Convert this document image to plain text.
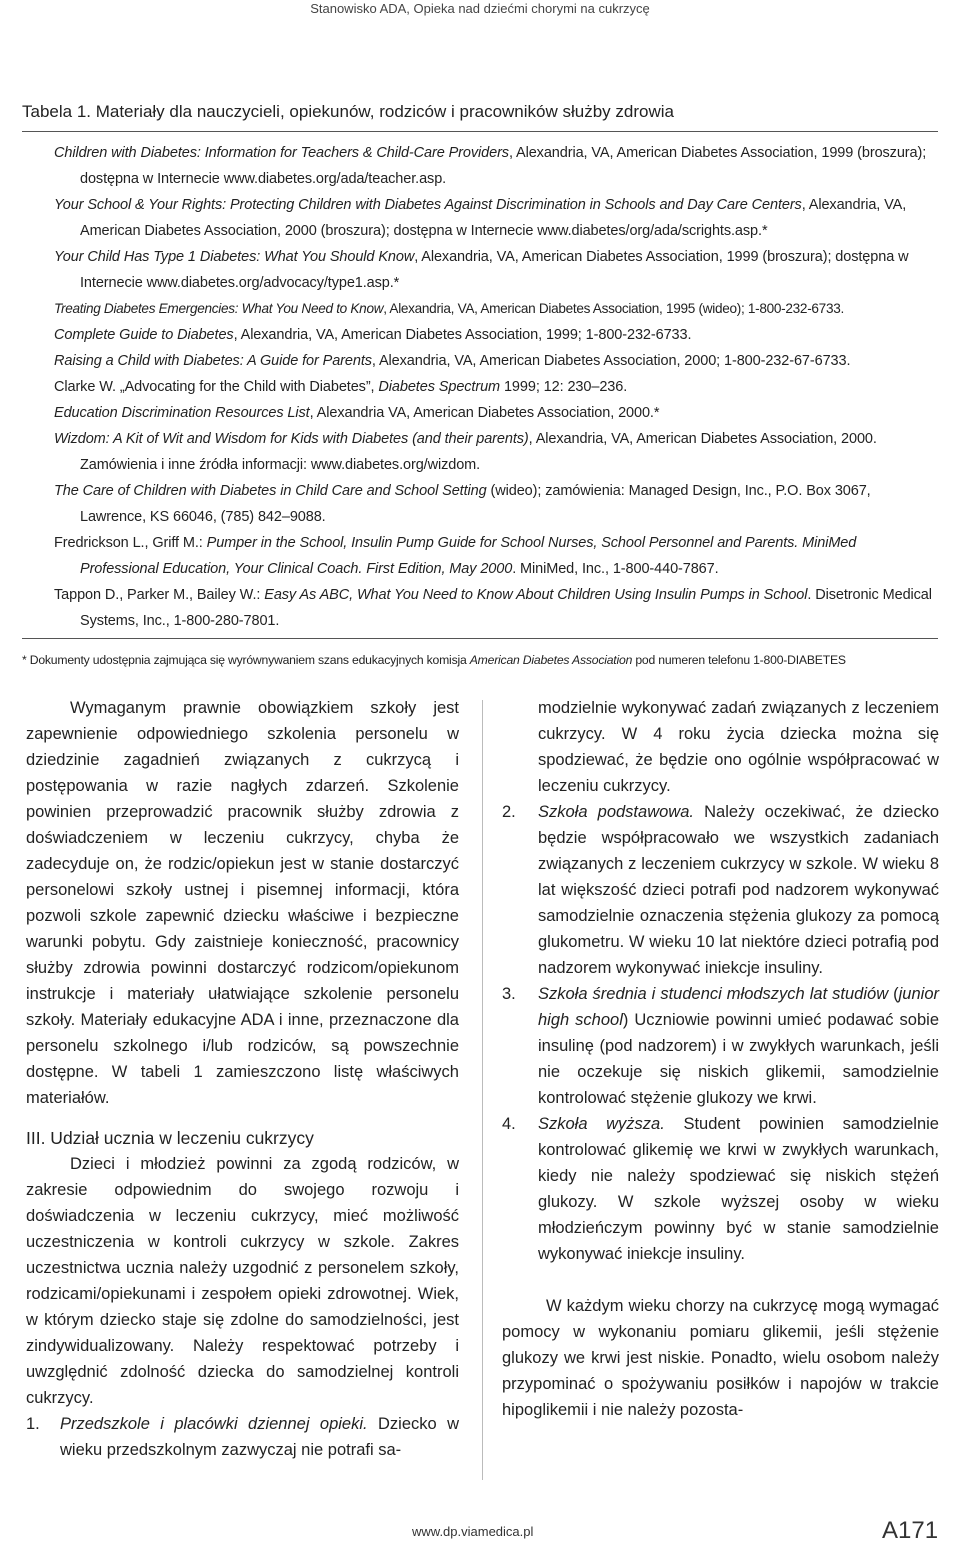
Stanowisko ADA, Opieka nad dziećmi chorymi na cukrzycę
Tabela 1. Materiały dla nauczycieli, opiekunów, rodziców i pracowników służby zdrowia

Children with Diabetes: Information for Teachers & Child-Care Providers, Alexandria, VA, American Diabetes Association, 1999 (broszura); dostępna w Internecie www.diabetes.org/ada/teacher.asp.

Your School & Your Rights: Protecting Children with Diabetes Against Discrimination in Schools and Day Care Centers, Alexandria, VA, American Diabetes Association, 2000 (broszura); dostępna w Internecie www.diabetes/org/ada/scrights.asp.*

Your Child Has Type 1 Diabetes: What You Should Know, Alexandria, VA, American Diabetes Association, 1999 (broszura); dostępna w Internecie www.diabetes.org/advocacy/type1.asp.*

Treating Diabetes Emergencies: What You Need to Know, Alexandria, VA, American Diabetes Association, 1995 (wideo); 1-800-232-6733.

Complete Guide to Diabetes, Alexandria, VA, American Diabetes Association, 1999; 1-800-232-6733.

Raising a Child with Diabetes: A Guide for Parents, Alexandria, VA, American Diabetes Association, 2000; 1-800-232-67-6733.

Clarke W. „Advocating for the Child with Diabetes”, Diabetes Spectrum 1999; 12: 230–236.

Education Discrimination Resources List, Alexandria VA, American Diabetes Association, 2000.*

Wizdom: A Kit of Wit and Wisdom for Kids with Diabetes (and their parents), Alexandria, VA, American Diabetes Association, 2000. Zamówienia i inne źródła informacji: www.diabetes.org/wizdom.

The Care of Children with Diabetes in Child Care and School Setting (wideo); zamówienia: Managed Design, Inc., P.O. Box 3067, Lawrence, KS 66046, (785) 842–9088.

Fredrickson L., Griff M.: Pumper in the School, Insulin Pump Guide for School Nurses, School Personnel and Parents. MiniMed Professional Education, Your Clinical Coach. First Edition, May 2000. MiniMed, Inc., 1-800-440-7867.

Tappon D., Parker M., Bailey W.: Easy As ABC, What You Need to Know About Children Using Insulin Pumps in School. Disetronic Medical Systems, Inc., 1-800-280-7801.

* Dokumenty udostępnia zajmująca się wyrównywaniem szans edukacyjnych komisja American Diabetes Association pod numeren telefonu 1-800-DIABETES

Wymaganym prawnie obowiązkiem szkoły jest zapewnienie odpowiedniego szkolenia personelu w dziedzinie zagadnień związanych z cukrzycą i postępowania w razie nagłych zdarzeń. Szkolenie powinien przeprowadzić pracownik służby zdrowia z doświadczeniem w leczeniu cukrzycy, chyba że zadecyduje on, że rodzic/opiekun jest w stanie dostarczyć personelowi szkoły ustnej i pisemnej informacji, która pozwoli szkole zapewnić dziecku właściwe i bezpieczne warunki pobytu. Gdy zaistnieje konieczność, pracownicy służby zdrowia powinni dostarczyć rodzicom/opiekunom instrukcje i materiały ułatwiające szkolenie personelu szkoły. Materiały edukacyjne ADA i inne, przeznaczone dla personelu szkolnego i/lub rodziców, są powszechnie dostępne. W tabeli 1 zamieszczono listę właściwych materiałów.

III. Udział ucznia w leczeniu cukrzycy

Dzieci i młodzież powinni za zgodą rodziców, w zakresie odpowiednim do swojego rozwoju i doświadczenia w leczeniu cukrzycy, mieć możliwość uczestniczenia w kontroli cukrzycy w szkole. Zakres uczestnictwa ucznia należy uzgodnić z personelem szkoły, rodzicami/opiekunami i zespołem opieki zdrowotnej. Wiek, w którym dziecko staje się zdolne do samodzielności, jest zindywidualizowany. Należy respektować potrzeby i uwzględnić zdolność dziecka do samodzielnej kontroli cukrzycy.

1. Przedszkole i placówki dziennej opieki. Dziecko w wieku przedszkolnym zazwyczaj nie potrafi sa-

modzielnie wykonywać zadań związanych z leczeniem cukrzycy. W 4 roku życia dziecka można się spodziewać, że będzie ono ogólnie współpracować w leczeniu cukrzycy.

2. Szkoła podstawowa. Należy oczekiwać, że dziecko będzie współpracowało we wszystkich zadaniach związanych z leczeniem cukrzycy w szkole. W wieku 8 lat większość dzieci potrafi pod nadzorem wykonywać samodzielnie oznaczenia stężenia glukozy za pomocą glukometru. W wieku 10 lat niektóre dzieci potrafią pod nadzorem wykonywać iniekcje insuliny.
3. Szkoła średnia i studenci młodszych lat studiów (junior high school) Uczniowie powinni umieć podawać sobie insulinę (pod nadzorem) i w zwykłych warunkach, jeśli nie oczekuje się niskich glikemii, samodzielnie kontrolować stężenie glukozy we krwi.
4. Szkoła wyższa. Student powinien samodzielnie kontrolować glikemię we krwi w zwykłych warunkach, kiedy nie należy spodziewać się niskich stężeń glukozy. W szkole wyższej osoby w wieku młodzieńczym powinny być w stanie samodzielnie wykonywać iniekcje insuliny.

W każdym wieku chorzy na cukrzycę mogą wymagać pomocy w wykonaniu pomiaru glikemii, jeśli stężenie glukozy we krwi jest niskie. Ponadto, wielu osobom należy przypominać o spożywaniu posiłków i napojów w trakcie hipoglikemii i nie należy pozosta-

www.dp.viamedica.pl	A171
